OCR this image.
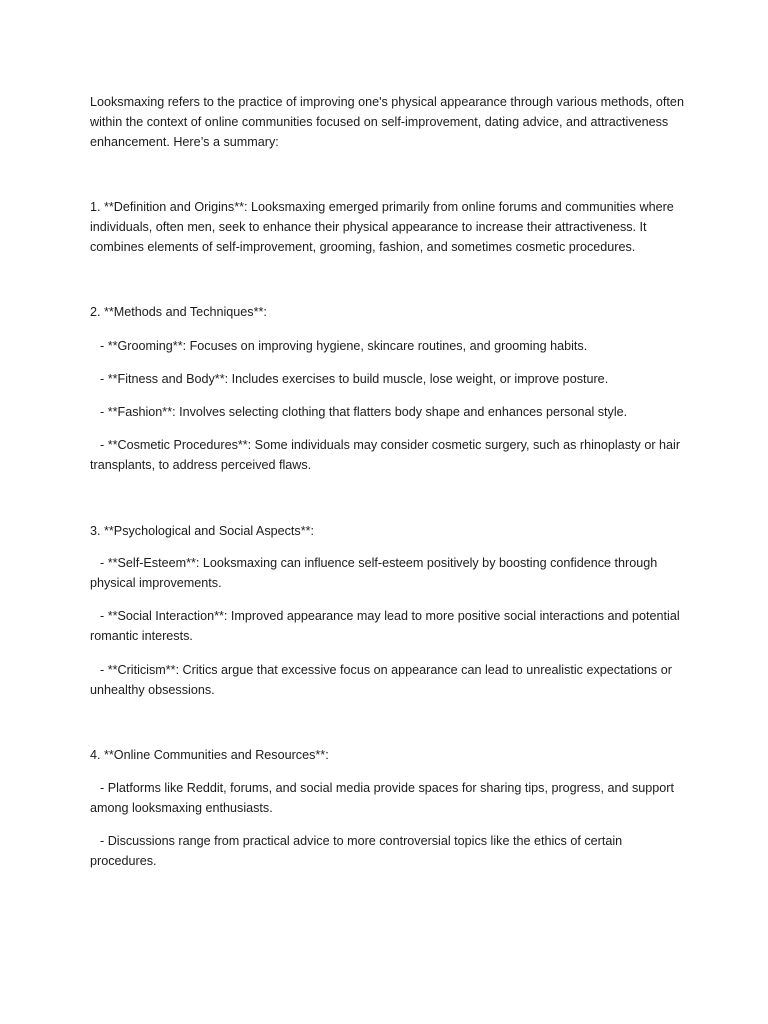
Looksmaxing refers to the practice of improving one's physical appearance through various methods, often within the context of online communities focused on self-improvement, dating advice, and attractiveness enhancement. Here’s a summary:

1. **Definition and Origins**: Looksmaxing emerged primarily from online forums and communities where individuals, often men, seek to enhance their physical appearance to increase their attractiveness. It combines elements of self-improvement, grooming, fashion, and sometimes cosmetic procedures.

2. **Methods and Techniques**:

- **Grooming**: Focuses on improving hygiene, skincare routines, and grooming habits.

- **Fitness and Body**: Includes exercises to build muscle, lose weight, or improve posture.

- **Fashion**: Involves selecting clothing that flatters body shape and enhances personal style.

- **Cosmetic Procedures**: Some individuals may consider cosmetic surgery, such as rhinoplasty or hair transplants, to address perceived flaws.

3. **Psychological and Social Aspects**:

- **Self-Esteem**: Looksmaxing can influence self-esteem positively by boosting confidence through physical improvements.

- **Social Interaction**: Improved appearance may lead to more positive social interactions and potential romantic interests.

- **Criticism**: Critics argue that excessive focus on appearance can lead to unrealistic expectations or unhealthy obsessions.

4. **Online Communities and Resources**:

- Platforms like Reddit, forums, and social media provide spaces for sharing tips, progress, and support among looksmaxing enthusiasts.

- Discussions range from practical advice to more controversial topics like the ethics of certain procedures.
